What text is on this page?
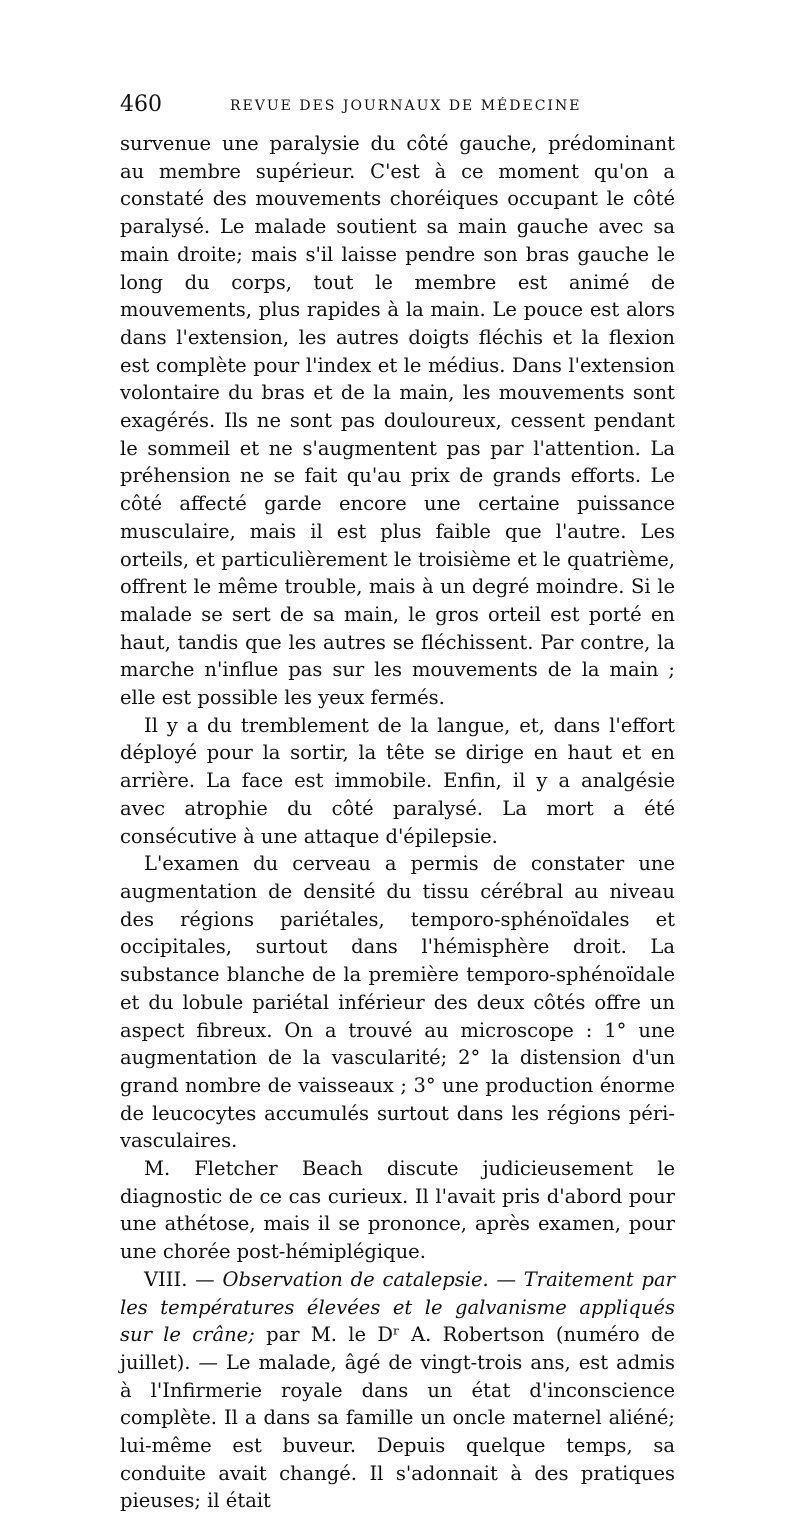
460	REVUE DES JOURNAUX DE MÉDECINE

survenue une paralysie du côté gauche, prédominant au membre supérieur. C'est à ce moment qu'on a constaté des mouvements choréiques occupant le côté paralysé. Le malade soutient sa main gauche avec sa main droite; mais s'il laisse pendre son bras gauche le long du corps, tout le membre est animé de mouvements, plus rapides à la main. Le pouce est alors dans l'extension, les autres doigts fléchis et la flexion est complète pour l'index et le médius. Dans l'extension volontaire du bras et de la main, les mouvements sont exagérés. Ils ne sont pas douloureux, cessent pendant le sommeil et ne s'augmentent pas par l'attention. La préhension ne se fait qu'au prix de grands efforts. Le côté affecté garde encore une certaine puissance musculaire, mais il est plus faible que l'autre. Les orteils, et particulièrement le troisième et le quatrième, offrent le même trouble, mais à un degré moindre. Si le malade se sert de sa main, le gros orteil est porté en haut, tandis que les autres se fléchissent. Par contre, la marche n'influe pas sur les mouvements de la main ; elle est possible les yeux fermés.

Il y a du tremblement de la langue, et, dans l'effort déployé pour la sortir, la tête se dirige en haut et en arrière. La face est immobile. Enfin, il y a analgésie avec atrophie du côté paralysé. La mort a été consécutive à une attaque d'épilepsie.

L'examen du cerveau a permis de constater une augmentation de densité du tissu cérébral au niveau des régions pariétales, temporo-sphénoïdales et occipitales, surtout dans l'hémisphère droit. La substance blanche de la première temporo-sphénoïdale et du lobule pariétal inférieur des deux côtés offre un aspect fibreux. On a trouvé au microscope : 1° une augmentation de la vascularité; 2° la distension d'un grand nombre de vaisseaux ; 3° une production énorme de leucocytes accumulés surtout dans les régions péri-vasculaires.

M. Fletcher Beach discute judicieusement le diagnostic de ce cas curieux. Il l'avait pris d'abord pour une athétose, mais il se prononce, après examen, pour une chorée post-hémiplégique.

VIII. — Observation de catalepsie. — Traitement par les températures élevées et le galvanisme appliqués sur le crâne; par M. le Dʳ A. Robertson (numéro de juillet). — Le malade, âgé de vingt-trois ans, est admis à l'Infirmerie royale dans un état d'inconscience complète. Il a dans sa famille un oncle maternel aliéné; lui-même est buveur. Depuis quelque temps, sa conduite avait changé. Il s'adonnait à des pratiques pieuses; il était
